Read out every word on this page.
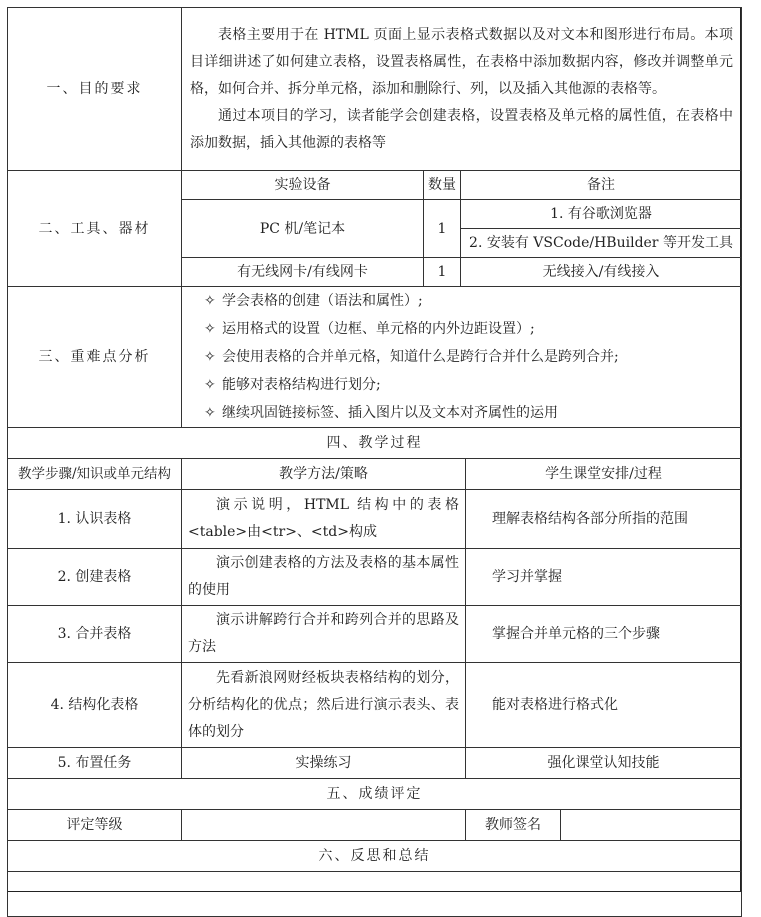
一、目的要求	表格主要用于在 HTML 页面上显示表格式数据以及对文本和图形进行布局。本项目详细讲述了如何建立表格，设置表格属性，在表格中添加数据内容，修改并调整单元格，如何合并、拆分单元格，添加和删除行、列，以及插入其他源的表格等。

通过本项目的学习，读者能学会创建表格，设置表格及单元格的属性值，在表格中添加数据，插入其他源的表格等				

二、工具、器材	实验设备	数量	备注		
	PC 机/笔记本	1	1. 有谷歌浏览器		
			2. 安装有 VSCode/HBuilder 等开发工具		
	有无线网卡/有线网卡	1	无线接入/有线接入		
三、重难点分析	✧ 学会表格的创建（语法和属性）;
✧ 运用格式的设置（边框、单元格的内外边距设置）;
✧ 会使用表格的合并单元格，知道什么是跨行合并什么是跨列合并;
✧ 能够对表格结构进行划分;
✧ 继续巩固链接标签、插入图片以及文本对齐属性的运用				

四、教学过程					
教学步骤/知识或单元结构	教学方法/策略			学生课堂安排/过程	
1. 认识表格	演示说明，HTML 结构中的表格<table>由<tr>、<td>构成			理解表格结构各部分所指的范围	
2. 创建表格	演示创建表格的方法及表格的基本属性的使用			学习并掌握	
3. 合并表格	演示讲解跨行合并和跨列合并的思路及方法			掌握合并单元格的三个步骤	
4. 结构化表格	先看新浪网财经板块表格结构的划分，分析结构化的优点；然后进行演示表头、表体的划分			能对表格进行格式化	
5. 布置任务	实操练习			强化课堂认知技能	
五、成绩评定					
评定等级				教师签名	
六、反思和总结					
